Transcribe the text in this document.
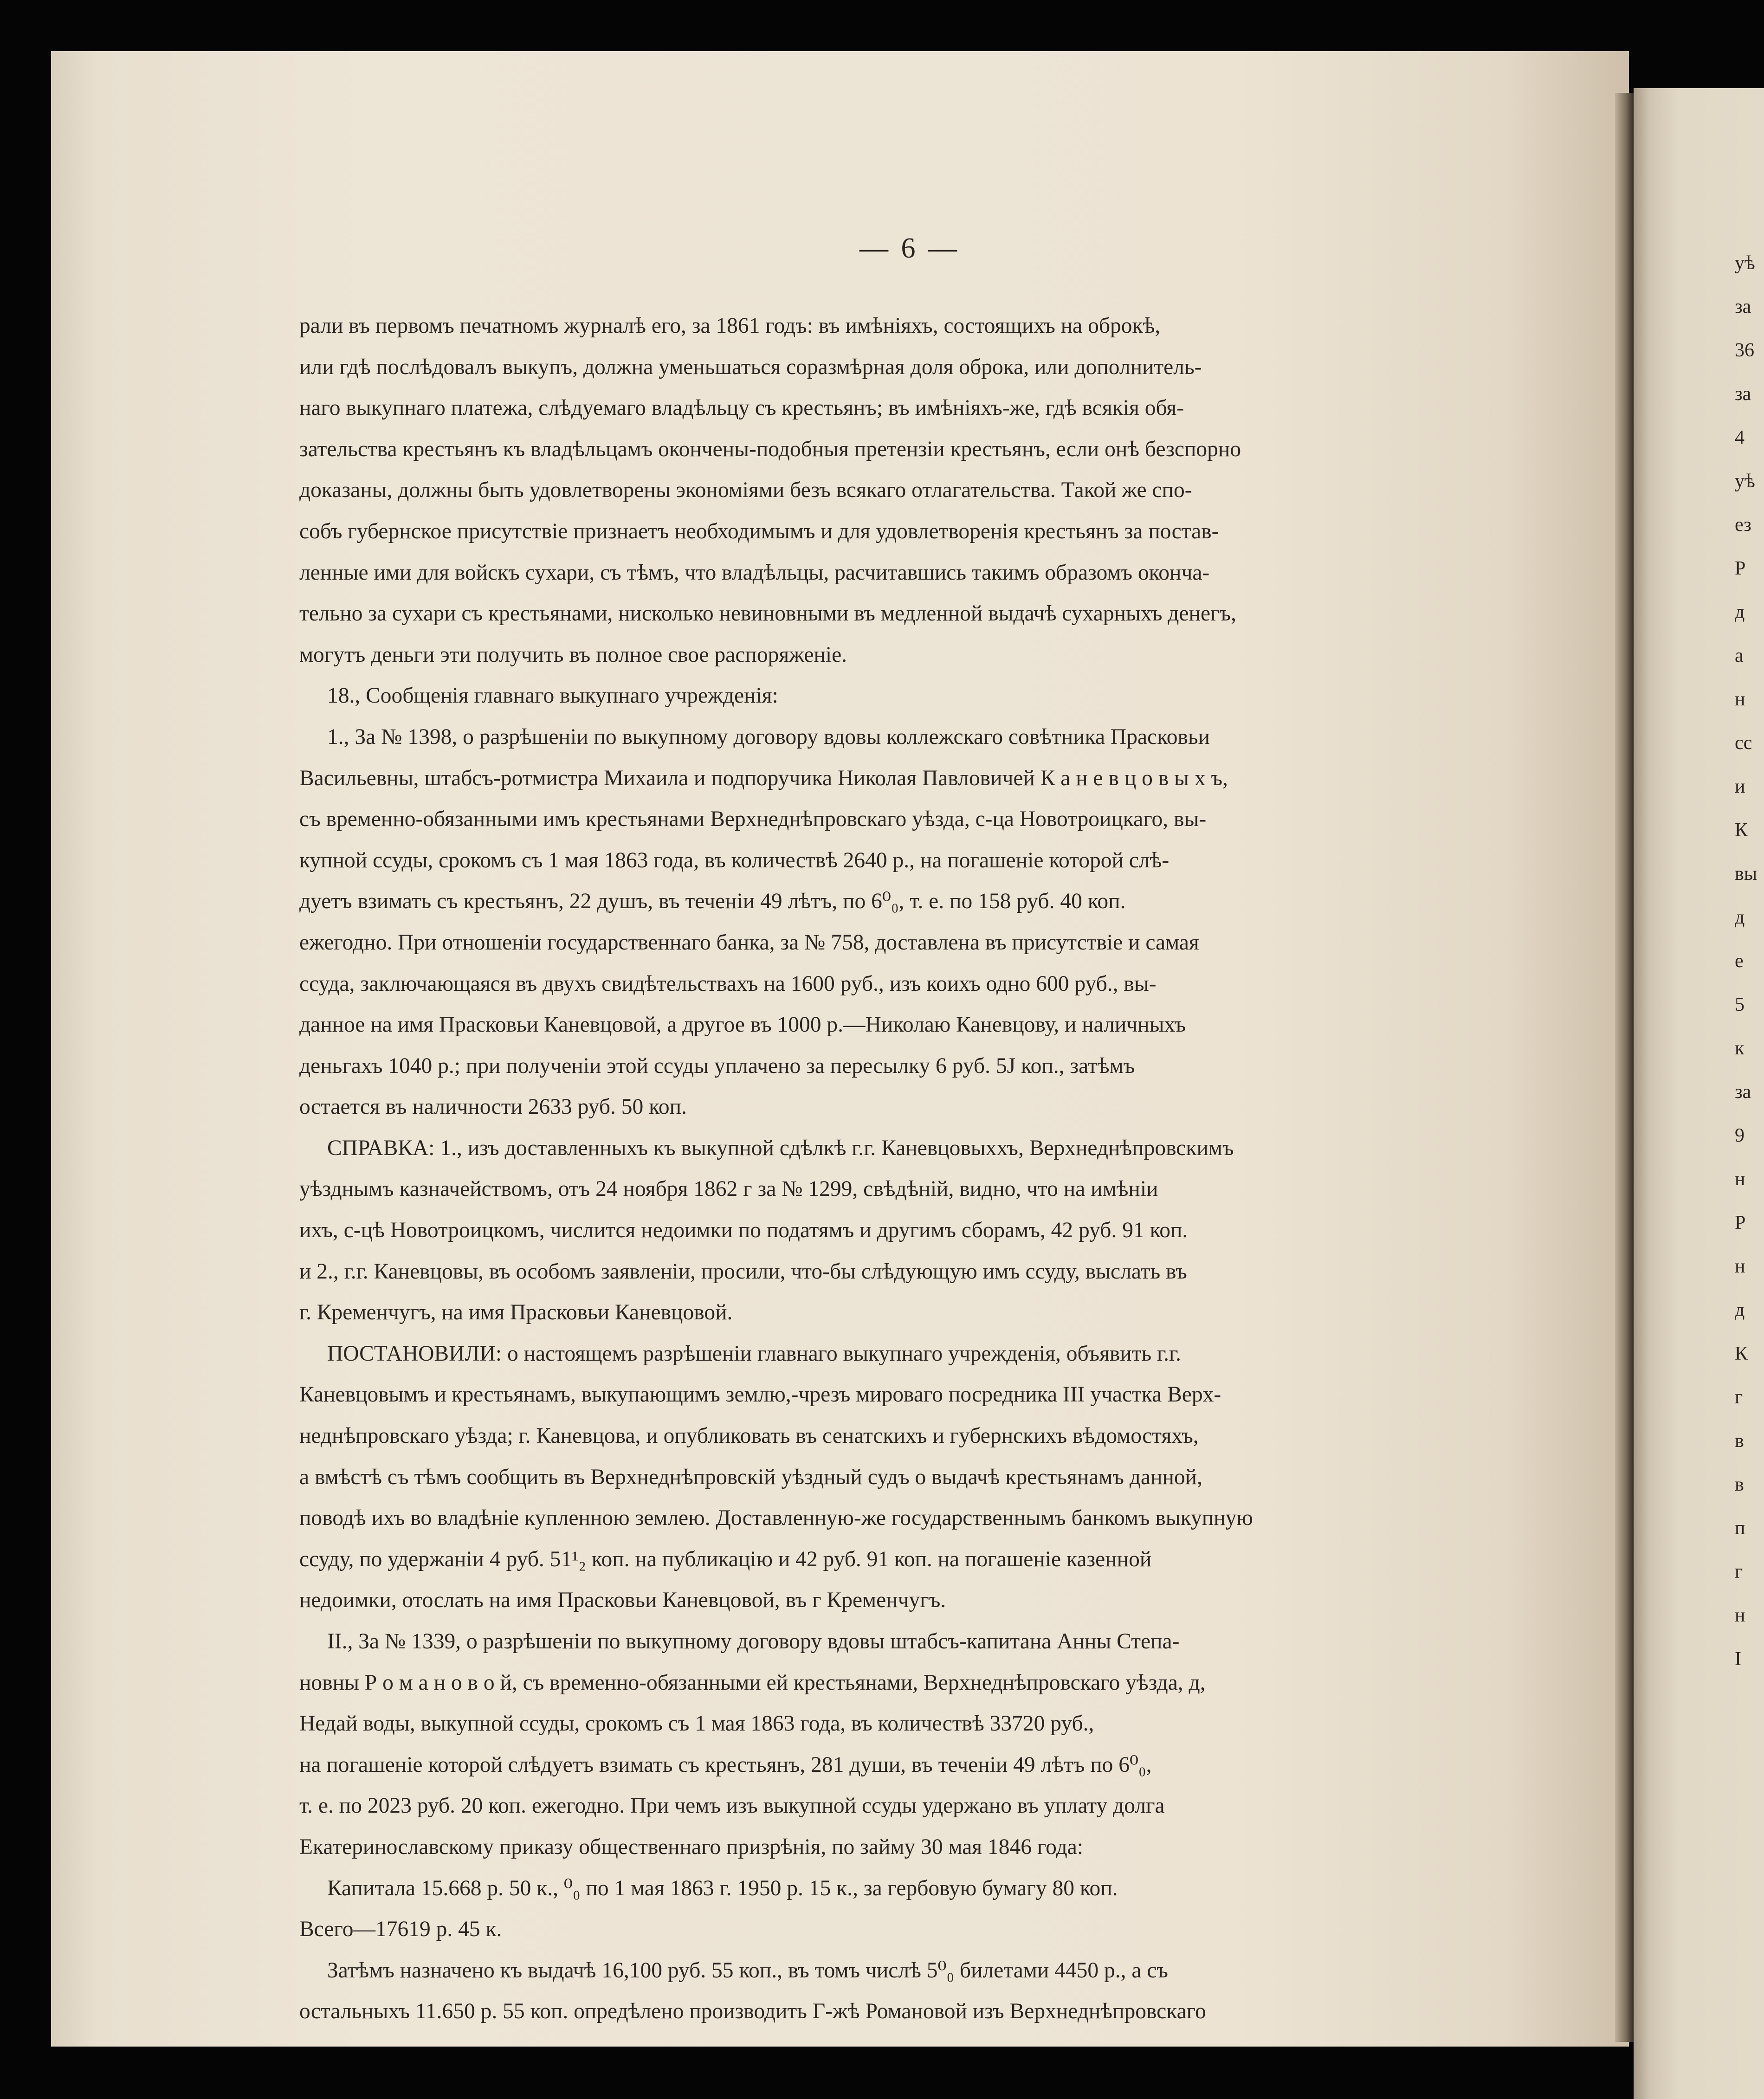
— 6 —
рали въ первомъ печатномъ журналѣ его, за 1861 годъ: въ имѣніяхъ, состоящихъ на оброкѣ,
или гдѣ послѣдовалъ выкупъ, должна уменьшаться соразмѣрная доля оброка, или дополнитель-
наго выкупнаго платежа, слѣдуемаго владѣльцу съ крестьянъ; въ имѣніяхъ-же, гдѣ всякія обя-
зательства крестьянъ къ владѣльцамъ окончены-подобныя претензіи крестьянъ, если онѣ безспорно
доказаны, должны быть удовлетворены экономіями безъ всякаго отлагательства. Такой же спо-
собъ губернское присутствіе признаетъ необходимымъ и для удовлетворенія крестьянъ за постав-
ленные ими для войскъ сухари, съ тѣмъ, что владѣльцы, расчитавшись такимъ образомъ оконча-
тельно за сухари съ крестьянами, нисколько невиновными въ медленной выдачѣ сухарныхъ денегъ,
могутъ деньги эти получить въ полное свое распоряженіе.
18., Сообщенія главнаго выкупнаго учрежденія:
1., За № 1398, о разрѣшеніи по выкупному договору вдовы коллежскаго совѣтника Прасковьи
Васильевны, штабсъ-ротмистра Михаила и подпоручика Николая Павловичей К а н е в ц о в ы х ъ,
съ временно-обязанными имъ крестьянами Верхнеднѣпровскаго уѣзда, с-ца Новотроицкаго, вы-
купной ссуды, срокомъ съ 1 мая 1863 года, въ количествѣ 2640 р., на погашеніе которой слѣ-
дуетъ взимать съ крестьянъ, 22 душъ, въ теченіи 49 лѣтъ, по 6⁰₀, т. е. по 158 руб. 40 коп.
ежегодно. При отношеніи государственнаго банка, за № 758, доставлена въ присутствіе и самая
ссуда, заключающаяся въ двухъ свидѣтельствахъ на 1600 руб., изъ коихъ одно 600 руб., вы-
данное на имя Прасковьи Каневцовой, а другое въ 1000 р.—Николаю Каневцову, и наличныхъ
деньгахъ 1040 р.; при полученіи этой ссуды уплачено за пересылку 6 руб. 5Ј коп., затѣмъ
остается въ наличности 2633 руб. 50 коп.
СПРАВКА: 1., изъ доставленныхъ къ выкупной сдѣлкѣ г.г. Каневцовыххъ, Верхнеднѣпровскимъ
уѣзднымъ казначействомъ, отъ 24 ноября 1862 г за № 1299, свѣдѣній, видно, что на имѣніи
ихъ, с-цѣ Новотроицкомъ, числится недоимки по податямъ и другимъ сборамъ, 42 руб. 91 коп.
и 2., г.г. Каневцовы, въ особомъ заявленіи, просили, что-бы слѣдующую имъ ссуду, выслать въ
г. Кременчугъ, на имя Прасковьи Каневцовой.
ПОСТАНОВИЛИ: о настоящемъ разрѣшеніи главнаго выкупнаго учрежденія, объявить г.г.
Каневцовымъ и крестьянамъ, выкупающимъ землю,-чрезъ мироваго посредника III участка Верх-
неднѣпровскаго уѣзда; г. Каневцова, и опубликовать въ сенатскихъ и губернскихъ вѣдомостяхъ,
а вмѣстѣ съ тѣмъ сообщить въ Верхнеднѣпровскій уѣздный судъ о выдачѣ крестьянамъ данной,
поводѣ ихъ во владѣніе купленною землею. Доставленную-же государственнымъ банкомъ выкупную
ссуду, по удержаніи 4 руб. 51¹₂ коп. на публикацію и 42 руб. 91 коп. на погашеніе казенной
недоимки, отослать на имя Прасковьи Каневцовой, въ г Кременчугъ.
II., За № 1339, о разрѣшеніи по выкупному договору вдовы штабсъ-капитана Анны Степа-
новны Р о м а н о в о й, съ временно-обязанными ей крестьянами, Верхнеднѣпровскаго уѣзда, д,
Недай воды, выкупной ссуды, срокомъ съ 1 мая 1863 года, въ количествѣ 33720 руб.,
на погашеніе которой слѣдуетъ взимать съ крестьянъ, 281 души, въ теченіи 49 лѣтъ по 6⁰₀,
т. е. по 2023 руб. 20 коп. ежегодно. При чемъ изъ выкупной ссуды удержано въ уплату долга
Екатеринославскому приказу общественнаго призрѣнія, по займу 30 мая 1846 года:
Капитала 15.668 р. 50 к., ⁰₀ по 1 мая 1863 г. 1950 р. 15 к., за гербовую бумагу 80 коп.
Всего—17619 р. 45 к.
Затѣмъ назначено къ выдачѣ 16,100 руб. 55 коп., въ томъ числѣ 5⁰₀ билетами 4450 р., а съ
остальныхъ 11.650 р. 55 коп. опредѣлено производить Г-жѣ Романовой изъ Верхнеднѣпровскаго
уѣ
за
36
за
4
уѣ
ез
Р
д
а
н
сс
и
К
вы
д
е
5
к
за
9
н
Р
н
д
К
г
в
в
п
г
н
I
